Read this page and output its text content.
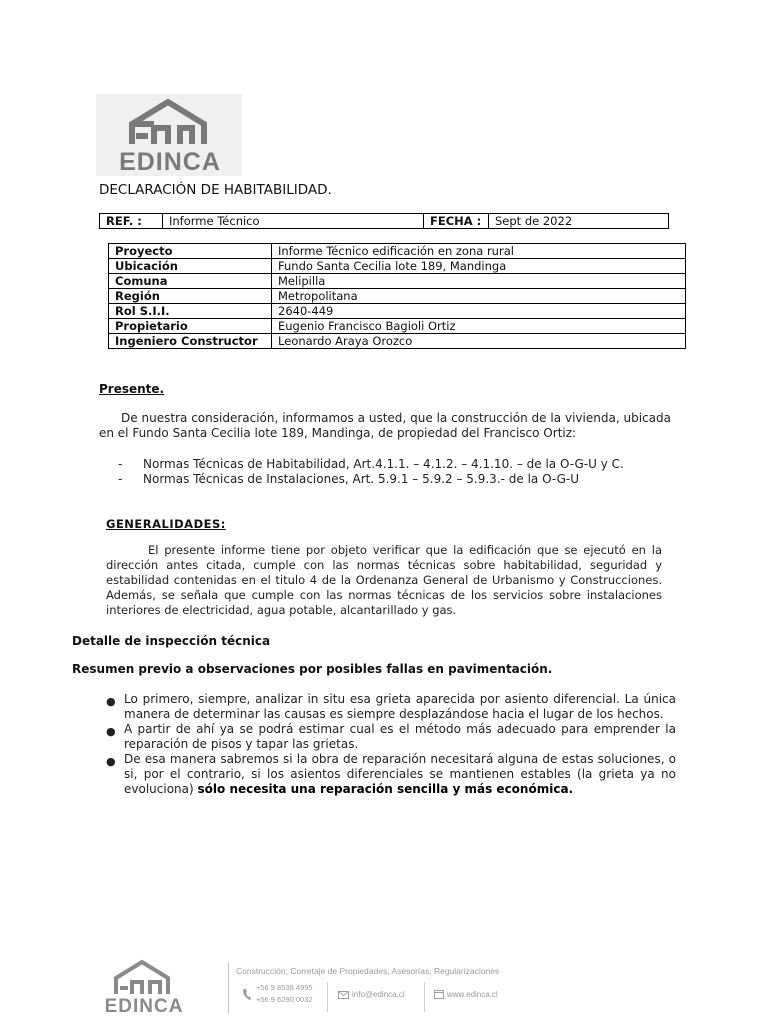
EDINCA
DECLARACIÓN DE HABITABILIDAD.
REF. :	Informe Técnico	FECHA :	Sept de 2022
Proyecto	Informe Técnico edificación en zona rural
Ubicación	Fundo Santa Cecilia lote 189, Mandinga
Comuna	Melipilla
Región	Metropolitana
Rol S.I.I.	2640-449
Propietario	Eugenio Francisco Bagioli Ortiz
Ingeniero Constructor	Leonardo Araya Orozco
Presente.
De nuestra consideración, informamos a usted, que la construcción de la vivienda, ubicada en el Fundo Santa Cecilia lote 189, Mandinga, de propiedad del Francisco Ortiz:
- Normas Técnicas de Habitabilidad, Art.4.1.1. – 4.1.2. – 4.1.10. – de la O-G-U y C.
- Normas Técnicas de Instalaciones, Art. 5.9.1 – 5.9.2 – 5.9.3.- de la O-G-U
GENERALIDADES:
El presente informe tiene por objeto verificar que la edificación que se ejecutó en la dirección antes citada, cumple con las normas técnicas sobre habitabilidad, seguridad y estabilidad contenidas en el titulo 4 de la Ordenanza General de Urbanismo y Construcciones. Además, se señala que cumple con las normas técnicas de los servicios sobre instalaciones interiores de electricidad, agua potable, alcantarillado y gas.
Detalle de inspección técnica
Resumen previo a observaciones por posibles fallas en pavimentación.
● Lo primero, siempre, analizar in situ esa grieta aparecida por asiento diferencial. La única manera de determinar las causas es siempre desplazándose hacia el lugar de los hechos.
● A partir de ahí ya se podrá estimar cual es el método más adecuado para emprender la reparación de pisos y tapar las grietas.
● De esa manera sabremos si la obra de reparación necesitará alguna de estas soluciones, o si, por el contrario, si los asientos diferenciales se mantienen estables (la grieta ya no evoluciona) sólo necesita una reparación sencilla y más económica.
EDINCA
Construcción, Corretaje de Propiedades, Asesorías, Regularizaciones
+56 9 8538 4995
+56 9 6290 0032
info@edinca.cl	www.edinca.cl
